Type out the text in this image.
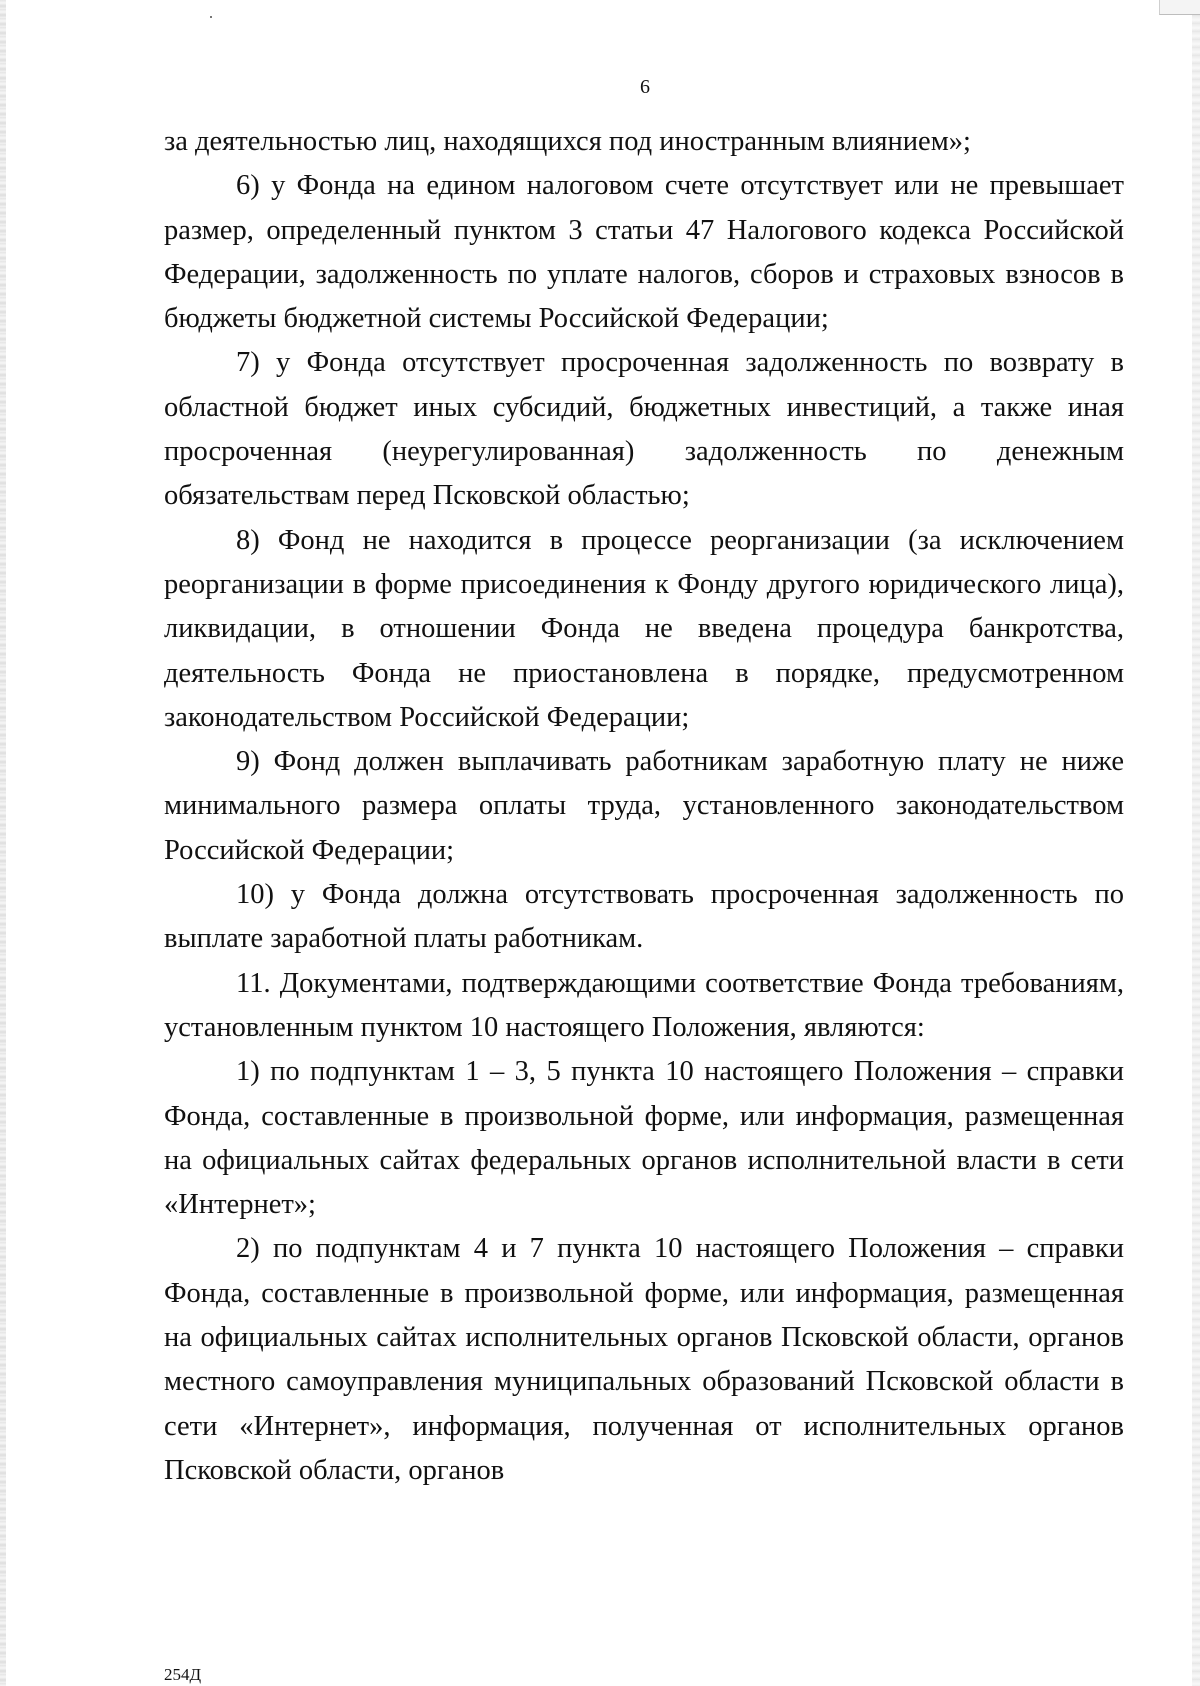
6

за деятельностью лиц, находящихся под иностранным влиянием»;

6) у Фонда на едином налоговом счете отсутствует или не превышает размер, определенный пунктом 3 статьи 47 Налогового кодекса Российской Федерации, задолженность по уплате налогов, сборов и страховых взносов в бюджеты бюджетной системы Российской Федерации;

7) у Фонда отсутствует просроченная задолженность по возврату в областной бюджет иных субсидий, бюджетных инвестиций, а также иная просроченная (неурегулированная) задолженность по денежным обязательствам перед Псковской областью;

8) Фонд не находится в процессе реорганизации (за исключением реорганизации в форме присоединения к Фонду другого юридического лица), ликвидации, в отношении Фонда не введена процедура банкротства, деятельность Фонда не приостановлена в порядке, предусмотренном законодательством Российской Федерации;

9) Фонд должен выплачивать работникам заработную плату не ниже минимального размера оплаты труда, установленного законодательством Российской Федерации;

10) у Фонда должна отсутствовать просроченная задолженность по выплате заработной платы работникам.

11. Документами, подтверждающими соответствие Фонда требованиям, установленным пунктом 10 настоящего Положения, являются:

1) по подпунктам 1 – 3, 5 пункта 10 настоящего Положения – справки Фонда, составленные в произвольной форме, или информация, размещенная на официальных сайтах федеральных органов исполнительной власти в сети «Интернет»;

2) по подпунктам 4 и 7 пункта 10 настоящего Положения – справки Фонда, составленные в произвольной форме, или информация, размещенная на официальных сайтах исполнительных органов Псковской области, органов местного самоуправления муниципальных образований Псковской области в сети «Интернет», информация, полученная от исполнительных органов Псковской области, органов

254Д
